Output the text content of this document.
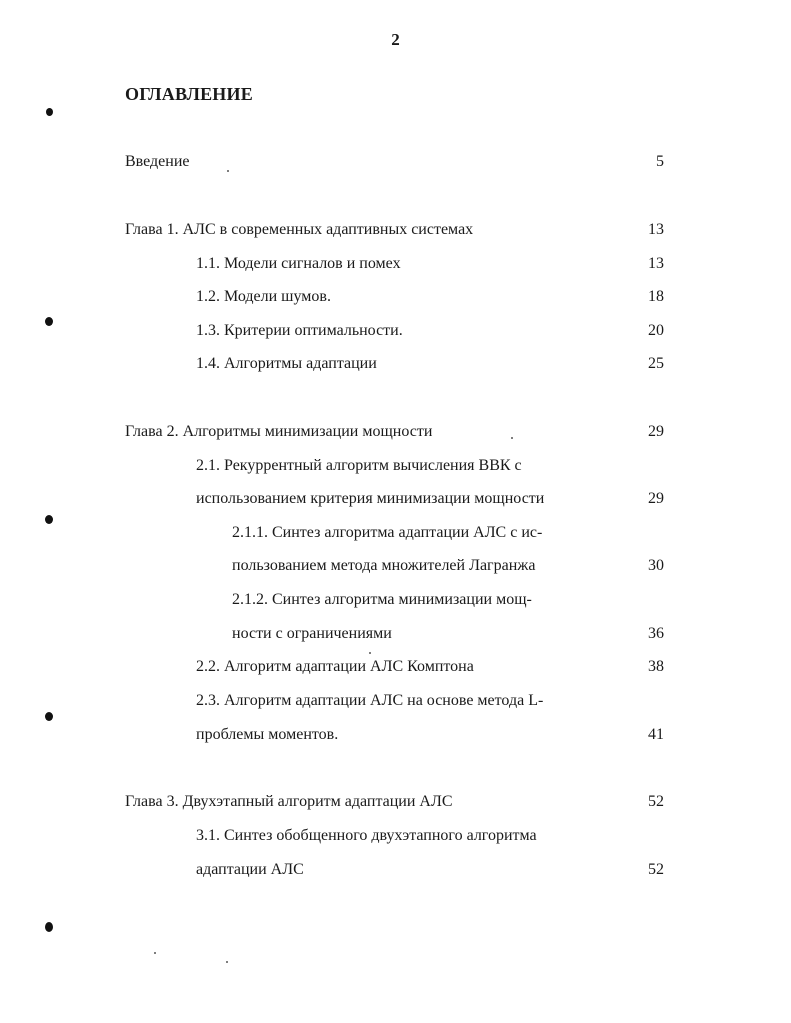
2
ОГЛАВЛЕНИЕ
Введение	5
Глава 1. АЛС в современных адаптивных системах	13
1.1. Модели сигналов и помех	13
1.2. Модели шумов.	18
1.3. Критерии оптимальности.	20
1.4. Алгоритмы адаптации	25
Глава 2. Алгоритмы минимизации мощности	29
2.1. Рекуррентный алгоритм вычисления ВВК с
использованием критерия минимизации мощности	29
2.1.1. Синтез алгоритма адаптации АЛС с ис-
пользованием метода множителей Лагранжа	30
2.1.2. Синтез алгоритма минимизации мощ-
ности с ограничениями	36
2.2. Алгоритм адаптации АЛС Комптона	38
2.3. Алгоритм адаптации АЛС на основе метода L-
проблемы моментов.	41
Глава 3. Двухэтапный алгоритм адаптации АЛС	52
3.1. Синтез обобщенного двухэтапного алгоритма
адаптации АЛС	52
